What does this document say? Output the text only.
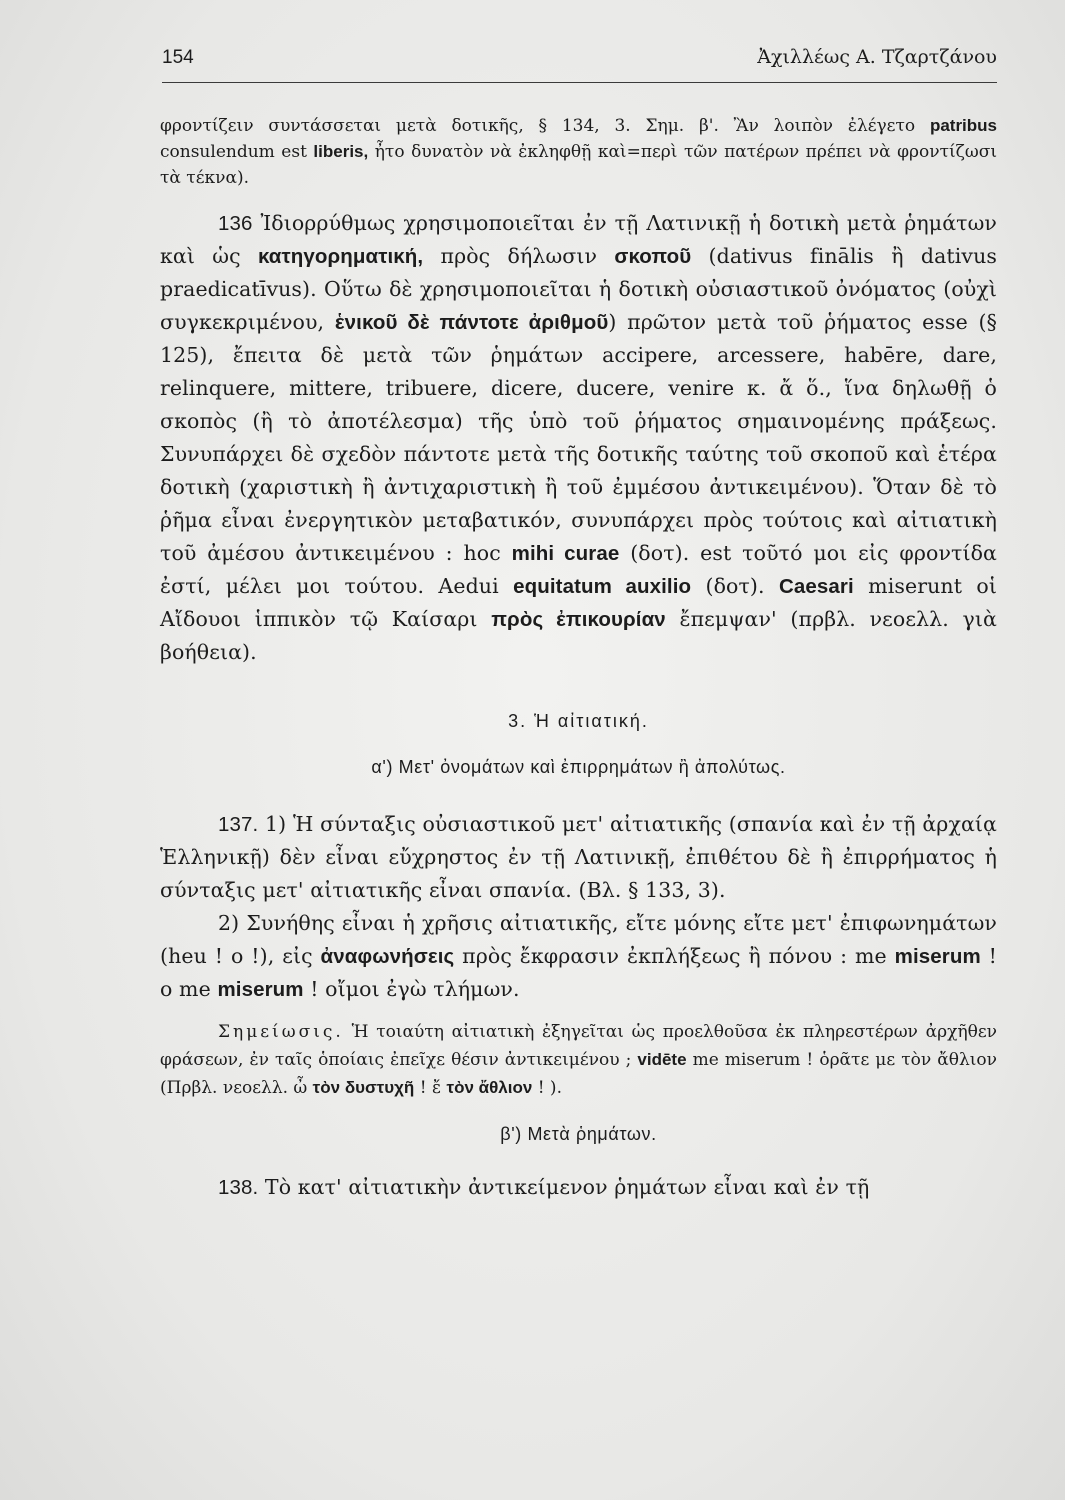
154	Ἀχιλλέως Α. Τζαρτζάνου

φροντίζειν συντάσσεται μετὰ δοτικῆς, § 134, 3. Σημ. β'. Ἂν λοιπὸν ἐλέγετο patribus consulendum est liberis, ἦτο δυνατὸν νὰ ἐκληφθῇ καὶ=περὶ τῶν πατέρων πρέπει νὰ φροντίζωσι τὰ τέκνα).

136 Ἰδιορρύθμως χρησιμοποιεῖται ἐν τῇ Λατινικῇ ἡ δοτικὴ μετὰ ῥημάτων καὶ ὡς κατηγορηματική, πρὸς δήλωσιν σκοποῦ (dativus finālis ἢ dativus praedicatīvus). Οὕτω δὲ χρησιμοποιεῖται ἡ δοτικὴ οὐσιαστικοῦ ὀνόματος (οὐχὶ συγκεκριμένου, ἑνικοῦ δὲ πάντοτε ἀριθμοῦ) πρῶτον μετὰ τοῦ ῥήματος esse (§ 125), ἔπειτα δὲ μετὰ τῶν ῥημάτων accipere, arcessere, habēre, dare, relinquere, mittere, tribuere, dicere, ducere, venire κ. ἄ ὅ., ἵνα δηλωθῇ ὁ σκοπὸς (ἢ τὸ ἀποτέλεσμα) τῆς ὑπὸ τοῦ ῥήματος σημαινομένης πράξεως. Συνυπάρχει δὲ σχεδὸν πάντοτε μετὰ τῆς δοτικῆς ταύτης τοῦ σκοποῦ καὶ ἑτέρα δοτικὴ (χαριστικὴ ἢ ἀντιχαριστικὴ ἢ τοῦ ἐμμέσου ἀντικειμένου). Ὅταν δὲ τὸ ῥῆμα εἶναι ἐνεργητικὸν μεταβατικόν, συνυπάρχει πρὸς τούτοις καὶ αἰτιατικὴ τοῦ ἀμέσου ἀντικειμένου : hoc mihi curae (δοτ). est τοῦτό μοι εἰς φροντίδα ἐστί, μέλει μοι τούτου. Aedui equitatum auxilio (δοτ). Caesari miserunt οἱ Αἴδουοι ἱππικὸν τῷ Καίσαρι πρὸς ἐπικουρίαν ἔπεμψαν' (πρβλ. νεοελλ. γιὰ βοήθεια).

3. Ἡ αἰτιατική.
α') Μετ' ὀνομάτων καὶ ἐπιρρημάτων ἢ ἀπολύτως.

137. 1) Ἡ σύνταξις οὐσιαστικοῦ μετ' αἰτιατικῆς (σπανία καὶ ἐν τῇ ἀρχαίᾳ Ἑλληνικῇ) δὲν εἶναι εὔχρηστος ἐν τῇ Λατινικῇ, ἐπιθέτου δὲ ἢ ἐπιρρήματος ἡ σύνταξις μετ' αἰτιατικῆς εἶναι σπανία. (Βλ. § 133, 3).

2) Συνήθης εἶναι ἡ χρῆσις αἰτιατικῆς, εἴτε μόνης εἴτε μετ' ἐπιφωνημάτων (heu ! o !), εἰς ἀναφωνήσεις πρὸς ἔκφρασιν ἐκπλήξεως ἢ πόνου : me miserum ! o me miserum ! οἴμοι ἐγὼ τλήμων.

Σημείωσις. Ἡ τοιαύτη αἰτιατικὴ ἐξηγεῖται ὡς προελθοῦσα ἐκ πληρεστέρων ἀρχῆθεν φράσεων, ἐν ταῖς ὁποίαις ἐπεῖχε θέσιν ἀντικειμένου ; vidēte me miserum ! ὁρᾶτε με τὸν ἄθλιον (Πρβλ. νεοελλ. ὦ τὸν δυστυχῆ ! ἔ τὸν ἄθλιον ! ).

β') Μετὰ ῥημάτων.

138. Τὸ κατ' αἰτιατικὴν ἀντικείμενον ῥημάτων εἶναι καὶ ἐν τῇ
